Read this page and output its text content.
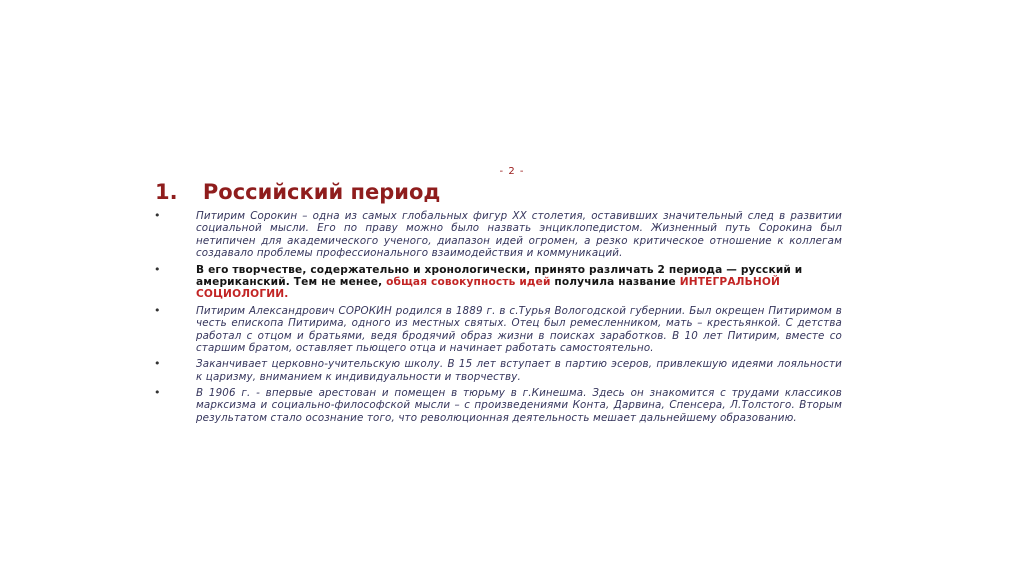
- 2 -
1. Российский период
•	Питирим Сорокин – одна из самых глобальных фигур XX столетия, оставивших значительный след в развитии социальной мысли. Его по праву можно было назвать энциклопедистом. Жизненный путь Сорокина был нетипичен для академического ученого, диапазон идей огромен, а резко критическое отношение к коллегам создавало проблемы профессионального взаимодействия и коммуникаций.
•	В его творчестве, содержательно и хронологически, принято различать 2 периода — русский и американский. Тем не менее, общая совокупность идей получила название ИНТЕГРАЛЬНОЙ СОЦИОЛОГИИ.
•	Питирим Александрович СОРОКИН родился в 1889 г. в с.Турья Вологодской губернии. Был окрещен Питиримом в честь епископа Питирима, одного из местных святых. Отец был ремесленником, мать – крестьянкой. С детства работал с отцом и братьями, ведя бродячий образ жизни в поисках заработков. В 10 лет Питирим, вместе со старшим братом, оставляет пьющего отца и начинает работать самостоятельно.
•	Заканчивает церковно-учительскую школу. В 15 лет вступает в партию эсеров, привлекшую идеями лояльности к царизму, вниманием к индивидуальности и творчеству.
•	В 1906 г. - впервые арестован и помещен в тюрьму в г.Кинешма. Здесь он знакомится с трудами классиков марксизма и социально-философской мысли – с произведениями Конта, Дарвина, Спенсера, Л.Толстого. Вторым результатом стало осознание того, что революционная деятельность мешает дальнейшему образованию.
